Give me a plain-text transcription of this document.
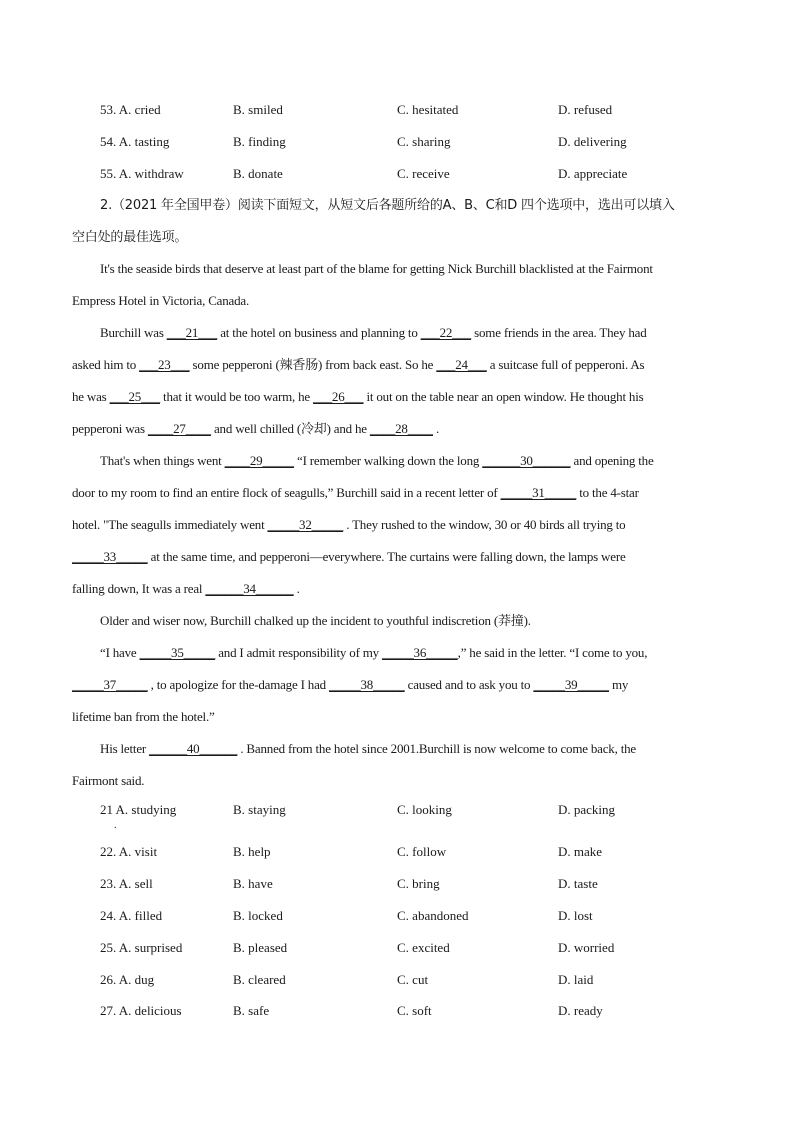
53. A. cried	B. smiled	C. hesitated	D. refused
54. A. tasting	B. finding	C. sharing	D. delivering
55. A. withdraw	B. donate	C. receive	D. appreciate
2.（2021 年全国甲卷）阅读下面短文，从短文后各题所给的A、B、C和D 四个选项中，选出可以填入
空白处的最佳选项。
It's the seaside birds that deserve at least part of the blame for getting Nick Burchill blacklisted at the Fairmont
Empress Hotel in Victoria, Canada.
Burchill was ___21___ at the hotel on business and planning to ___22___ some friends in the area. They had
asked him to ___23___ some pepperoni (辣香肠) from back east. So he ___24___ a suitcase full of pepperoni. As
he was ___25___ that it would be too warm, he ___26___ it out on the table near an open window. He thought his
pepperoni was ____27____ and well chilled (冷却) and he ____28____ .
That's when things went ____29_____ “I remember walking down the long ______30______ and opening the
door to my room to find an entire flock of seagulls,” Burchill said in a recent letter of _____31_____ to the 4-star
hotel. "The seagulls immediately went _____32_____ . They rushed to the window, 30 or 40 birds all trying to
_____33_____ at the same time, and pepperoni—everywhere. The curtains were falling down, the lamps were
falling down, It was a real ______34______ .
Older and wiser now, Burchill chalked up the incident to youthful indiscretion (莽撞).
“I have _____35_____ and I admit responsibility of my _____36_____,” he said in the letter. “I come to you,
_____37_____ , to apologize for the-damage I had _____38_____ caused and to ask you to _____39_____ my
lifetime ban from the hotel.”
His letter ______40______ . Banned from the hotel since 2001.Burchill is now welcome to come back, the
Fairmont said.
21 A. studying	B. staying	C. looking	D. packing
.
22. A. visit	B. help	C. follow	D. make
23. A. sell	B. have	C. bring	D. taste
24. A. filled	B. locked	C. abandoned	D. lost
25. A. surprised	B. pleased	C. excited	D. worried
26. A. dug	B. cleared	C. cut	D. laid
27. A. delicious	B. safe	C. soft	D. ready
